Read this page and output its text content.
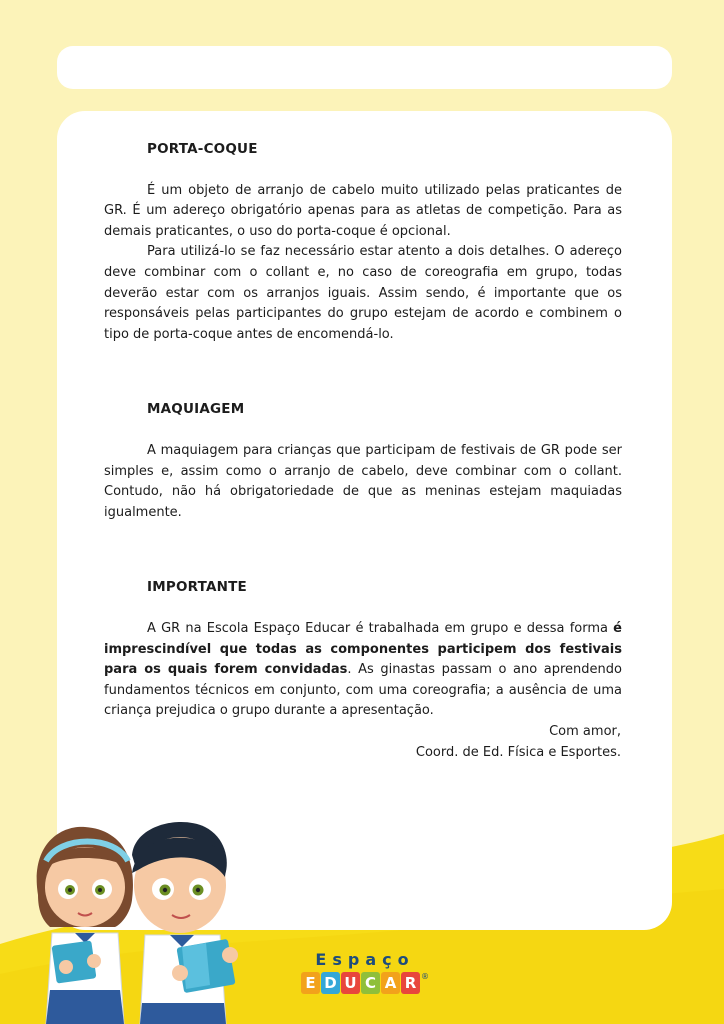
PORTA-COQUE

É um objeto de arranjo de cabelo muito utilizado pelas praticantes de GR. É um adereço obrigatório apenas para as atletas de competição. Para as demais praticantes, o uso do porta-coque é opcional.

Para utilizá-lo se faz necessário estar atento a dois detalhes. O adereço deve combinar com o collant e, no caso de coreografia em grupo, todas deverão estar com os arranjos iguais. Assim sendo, é importante que os responsáveis pelas participantes do grupo estejam de acordo e combinem o tipo de porta-coque antes de encomendá-lo.

MAQUIAGEM

A maquiagem para crianças que participam de festivais de GR pode ser simples e, assim como o arranjo de cabelo, deve combinar com o collant. Contudo, não há obrigatoriedade de que as meninas estejam maquiadas igualmente.

IMPORTANTE

A GR na Escola Espaço Educar é trabalhada em grupo e dessa forma é imprescindível que todas as componentes participem dos festivais para os quais forem convidadas. As ginastas passam o ano aprendendo fundamentos técnicos em conjunto, com uma coreografia; a ausência de uma criança prejudica o grupo durante a apresentação.

Com amor,
Coord. de Ed. Física e Esportes.
Espaço
E D U C A R ®
